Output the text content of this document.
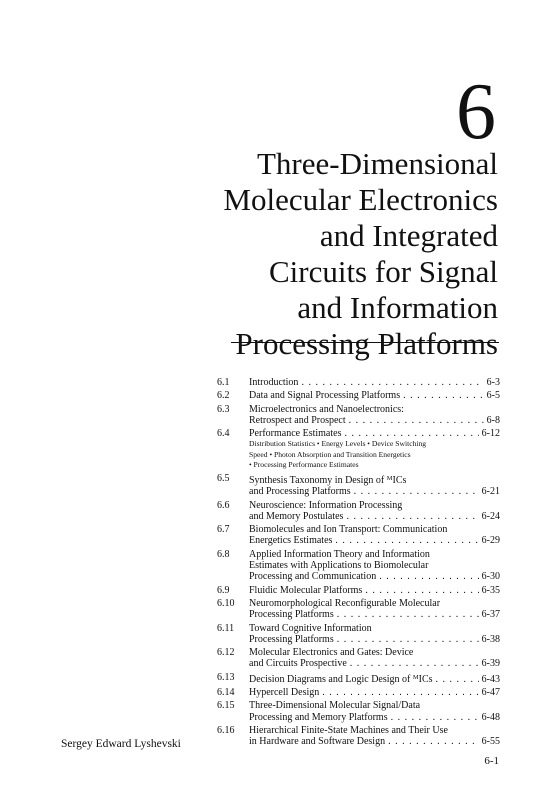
6
Three-Dimensional
Molecular Electronics
and Integrated
Circuits for Signal
and Information
Processing Platforms
6.1	Introduction . . .	6-3
6.2	Data and Signal Processing Platforms . . .	6-5
6.3	Microelectronics and Nanoelectronics:
Retrospect and Prospect . . .	6-8
6.4	Performance Estimates . . .	6-12
Distribution Statistics • Energy Levels • Device Switching
Speed • Photon Absorption and Transition Energetics
• Processing Performance Estimates
6.5	Synthesis Taxonomy in Design of $^M$ICs
and Processing Platforms . . .	6-21
6.6	Neuroscience: Information Processing
and Memory Postulates . . .	6-24
6.7	Biomolecules and Ion Transport: Communication
Energetics Estimates . . .	6-29
6.8	Applied Information Theory and Information
Estimates with Applications to Biomolecular
Processing and Communication . . .	6-30
6.9	Fluidic Molecular Platforms . . .	6-35
6.10	Neuromorphological Reconfigurable Molecular
Processing Platforms . . .	6-37
6.11	Toward Cognitive Information
Processing Platforms . . .	6-38
6.12	Molecular Electronics and Gates: Device
and Circuits Prospective . . .	6-39
6.13	Decision Diagrams and Logic Design of $^M$ICs . . .	6-43
6.14	Hypercell Design . . .	6-47
6.15	Three-Dimensional Molecular Signal/Data
Processing and Memory Platforms . . .	6-48
6.16	Hierarchical Finite-State Machines and Their Use
in Hardware and Software Design . . .	6-55
Sergey Edward Lyshevski
6-1
